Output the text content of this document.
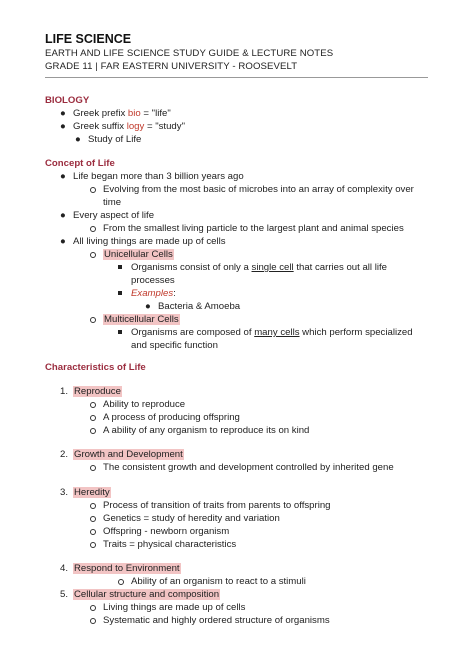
LIFE SCIENCE
EARTH AND LIFE SCIENCE STUDY GUIDE & LECTURE NOTES
GRADE 11 | FAR EASTERN UNIVERSITY - ROOSEVELT
BIOLOGY
● Greek prefix bio = "life"
● Greek suffix logy = "study"
● Study of Life
Concept of Life
● Life began more than 3 billion years ago
Evolving from the most basic of microbes into an array of complexity over
time
● Every aspect of life
From the smallest living particle to the largest plant and animal species
● All living things are made up of cells
Unicellular Cells
Organisms consist of only a single cell that carries out all life
processes
Examples:
● Bacteria & Amoeba
Multicellular Cells
Organisms are composed of many cells which perform specialized
and specific function
Characteristics of Life
1. Reproduce
Ability to reproduce
A process of producing offspring
A ability of any organism to reproduce its on kind
2. Growth and Development
The consistent growth and development controlled by inherited gene
3. Heredity
Process of transition of traits from parents to offspring
Genetics = study of heredity and variation
Offspring - newborn organism
Traits = physical characteristics
4. Respond to Environment
Ability of an organism to react to a stimuli
5. Cellular structure and composition
Living things are made up of cells
Systematic and highly ordered structure of organisms
